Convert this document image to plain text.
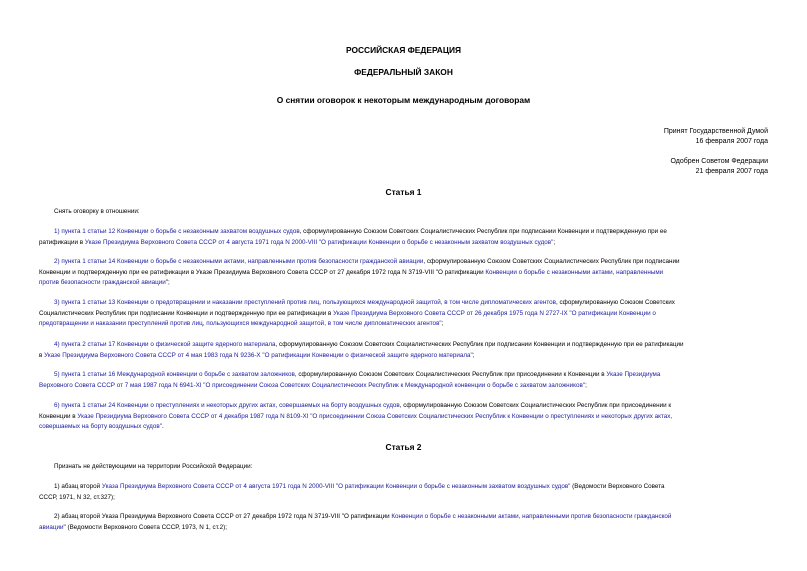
РОССИЙСКАЯ ФЕДЕРАЦИЯ
ФЕДЕРАЛЬНЫЙ ЗАКОН
О снятии оговорок к некоторым международным договорам
Принят Государственной Думой
16 февраля 2007 года
Одобрен Советом Федерации
21 февраля 2007 года
Статья 1
Снять оговорку в отношении:
1) пункта 1 статьи 12 Конвенции о борьбе с незаконным захватом воздушных судов, сформулированную Союзом Советских Социалистических Республик при подписании Конвенции и подтвержденную при ее
ратификации в Указе Президиума Верховного Совета СССР от 4 августа 1971 года N 2000-VIII "О ратификации Конвенции о борьбе с незаконным захватом воздушных судов";
2) пункта 1 статьи 14 Конвенции о борьбе с незаконными актами, направленными против безопасности гражданской авиации, сформулированную Союзом Советских Социалистических Республик при подписании
Конвенции и подтвержденную при ее ратификации в Указе Президиума Верховного Совета СССР от 27 декабря 1972 года N 3719-VIII "О ратификации Конвенции о борьбе с незаконными актами, направленными
против безопасности гражданской авиации";
3) пункта 1 статьи 13 Конвенции о предотвращении и наказании преступлений против лиц, пользующихся международной защитой, в том числе дипломатических агентов, сформулированную Союзом Советских
Социалистических Республик при подписании Конвенции и подтвержденную при ее ратификации в Указе Президиума Верховного Совета СССР от 26 декабря 1975 года N 2727-IX "О ратификации Конвенции о
предотвращении и наказании преступлений против лиц, пользующихся международной защитой, в том числе дипломатических агентов";
4) пункта 2 статьи 17 Конвенции о физической защите ядерного материала, сформулированную Союзом Советских Социалистических Республик при подписании Конвенции и подтвержденную при ее ратификации
в Указе Президиума Верховного Совета СССР от 4 мая 1983 года N 9236-X "О ратификации Конвенции о физической защите ядерного материала";
5) пункта 1 статьи 16 Международной конвенции о борьбе с захватом заложников, сформулированную Союзом Советских Социалистических Республик при присоединении к Конвенции в Указе Президиума
Верховного Совета СССР от 7 мая 1987 года N 6941-XI "О присоединении Союза Советских Социалистических Республик к Международной конвенции о борьбе с захватом заложников";
6) пункта 1 статьи 24 Конвенции о преступлениях и некоторых других актах, совершаемых на борту воздушных судов, сформулированную Союзом Советских Социалистических Республик при присоединении к
Конвенции в Указе Президиума Верховного Совета СССР от 4 декабря 1987 года N 8109-XI "О присоединении Союза Советских Социалистических Республик к Конвенции о преступлениях и некоторых других актах,
совершаемых на борту воздушных судов".
Статья 2
Признать не действующими на территории Российской Федерации:
1) абзац второй Указа Президиума Верховного Совета СССР от 4 августа 1971 года N 2000-VIII "О ратификации Конвенции о борьбе с незаконным захватом воздушных судов" (Ведомости Верховного Совета
СССР, 1971, N 32, ст.327);
2) абзац второй Указа Президиума Верховного Совета СССР от 27 декабря 1972 года N 3719-VIII "О ратификации Конвенции о борьбе с незаконными актами, направленными против безопасности гражданской
авиации" (Ведомости Верховного Совета СССР, 1973, N 1, ст.2);
